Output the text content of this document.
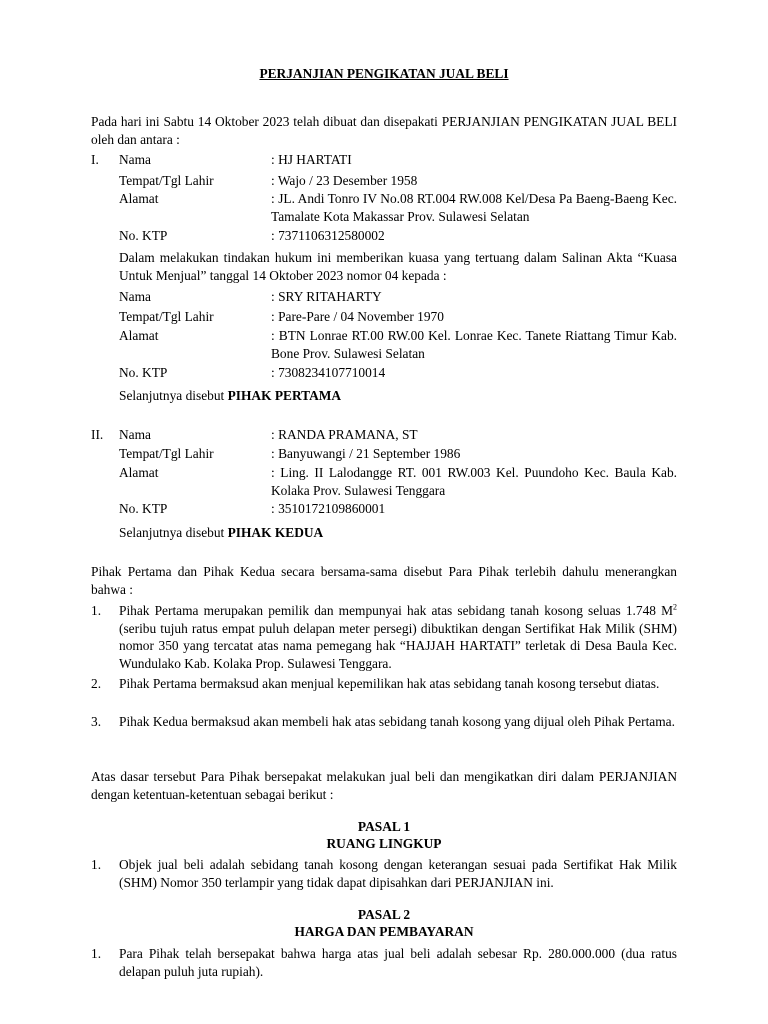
PERJANJIAN PENGIKATAN JUAL BELI
Pada hari ini Sabtu 14 Oktober 2023 telah dibuat dan disepakati PERJANJIAN PENGIKATAN JUAL BELI oleh dan antara :
I. Nama	: HJ HARTATI
Tempat/Tgl Lahir	: Wajo / 23 Desember 1958
Alamat	: JL. Andi Tonro IV No.08 RT.004 RW.008 Kel/Desa Pa Baeng-Baeng Kec. Tamalate Kota Makassar Prov. Sulawesi Selatan
No. KTP	: 7371106312580002
Dalam melakukan tindakan hukum ini memberikan kuasa yang tertuang dalam Salinan Akta “Kuasa Untuk Menjual” tanggal 14 Oktober 2023 nomor 04 kepada :
Nama	: SRY RITAHARTY
Tempat/Tgl Lahir	: Pare-Pare / 04 November 1970
Alamat	: BTN Lonrae RT.00 RW.00 Kel. Lonrae Kec. Tanete Riattang Timur Kab. Bone Prov. Sulawesi Selatan
No. KTP	: 7308234107710014
Selanjutnya disebut PIHAK PERTAMA
II. Nama	: RANDA PRAMANA, ST
Tempat/Tgl Lahir	: Banyuwangi / 21 September 1986
Alamat	: Ling. II Lalodangge RT. 001 RW.003 Kel. Puundoho Kec. Baula Kab. Kolaka Prov. Sulawesi Tenggara
No. KTP	: 3510172109860001
Selanjutnya disebut PIHAK KEDUA
Pihak Pertama dan Pihak Kedua secara bersama-sama disebut Para Pihak terlebih dahulu menerangkan bahwa :
1. Pihak Pertama merupakan pemilik dan mempunyai hak atas sebidang tanah kosong seluas 1.748 $M^2$ (seribu tujuh ratus empat puluh delapan meter persegi) dibuktikan dengan Sertifikat Hak Milik (SHM) nomor 350 yang tercatat atas nama pemegang hak “HAJJAH HARTATI” terletak di Desa Baula Kec. Wundulako Kab. Kolaka Prop. Sulawesi Tenggara.
2. Pihak Pertama bermaksud akan menjual kepemilikan hak atas sebidang tanah kosong tersebut diatas.
3. Pihak Kedua bermaksud akan membeli hak atas sebidang tanah kosong yang dijual oleh Pihak Pertama.
Atas dasar tersebut Para Pihak bersepakat melakukan jual beli dan mengikatkan diri dalam PERJANJIAN dengan ketentuan-ketentuan sebagai berikut :
PASAL 1
RUANG LINGKUP
1. Objek jual beli adalah sebidang tanah kosong dengan keterangan sesuai pada Sertifikat Hak Milik (SHM) Nomor 350 terlampir yang tidak dapat dipisahkan dari PERJANJIAN ini.
PASAL 2
HARGA DAN PEMBAYARAN
1. Para Pihak telah bersepakat bahwa harga atas jual beli adalah sebesar Rp. 280.000.000 (dua ratus delapan puluh juta rupiah).
